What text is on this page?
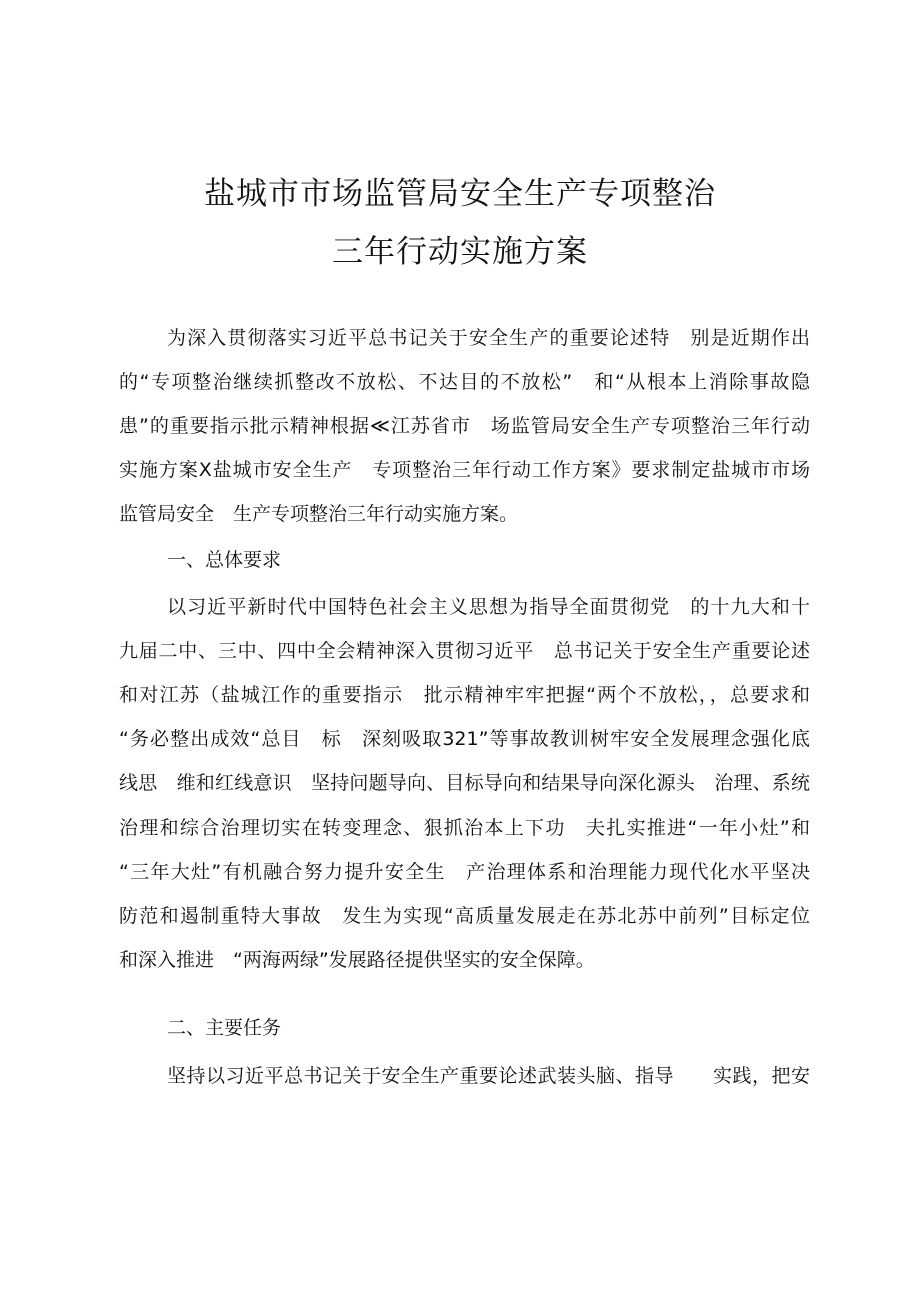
盐城市市场监管局安全生产专项整治
三年行动实施方案
为深入贯彻落实习近平总书记关于安全生产的重要论述特　别是近期作出
的“专项整治继续抓整改不放松、不达目的不放松”　和“从根本上消除事故隐
患”的重要指示批示精神根据≪江苏省市　场监管局安全生产专项整治三年行动
实施方案X盐城市安全生产　专项整治三年行动工作方案》要求制定盐城市市场
监管局安全　生产专项整治三年行动实施方案。
一、总体要求
以习近平新时代中国特色社会主义思想为指导全面贯彻党　的十九大和十
九届二中、三中、四中全会精神深入贯彻习近平　总书记关于安全生产重要论述
和对江苏（盐城江作的重要指示　批示精神牢牢把握“两个不放松，，总要求和
“务必整出成效“总目　标　深刻吸取321”等事故教训树牢安全发展理念强化底
线思　维和红线意识　坚持问题导向、目标导向和结果导向深化源头　治理、系统
治理和综合治理切实在转变理念、狠抓治本上下功　夫扎实推进“一年小灶”和
“三年大灶”有机融合努力提升安全生　产治理体系和治理能力现代化水平坚决
防范和遏制重特大事故　发生为实现“高质量发展走在苏北苏中前列”目标定位
和深入推进　“两海两绿”发展路径提供坚实的安全保障。
二、主要任务
坚持以习近平总书记关于安全生产重要论述武装头脑、指导　　实践，把安
